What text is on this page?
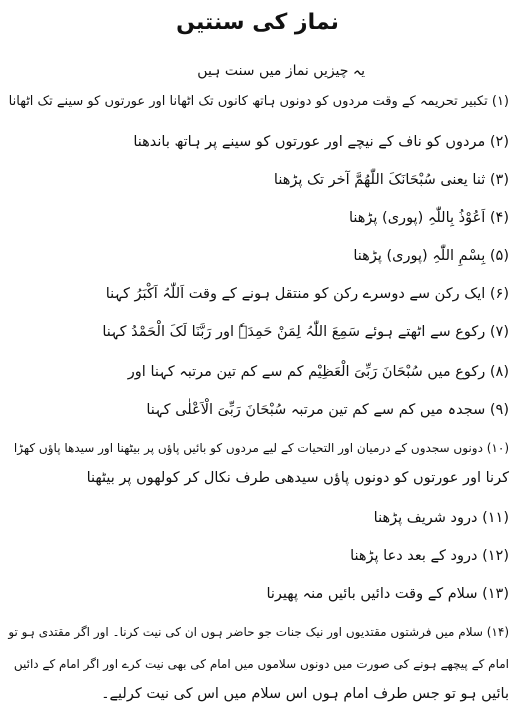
نماز کی سنتیں
یہ چیزیں نماز میں سنت ہیں
(۱) تکبیر تحریمہ کے وقت مردوں کو دونوں ہاتھ کانوں تک اٹھانا اور عورتوں کو سینے تک اٹھانا
(۲) مردوں کو ناف کے نیچے اور عورتوں کو سینے پر ہاتھ باندھنا
(۳) ثنا یعنی سُبْحَانَکَ اللّٰھُمَّ آخر تک پڑھنا
(۴) اَعُوْذُ بِاللّٰہِ (پوری) پڑھنا
(۵) بِسْمِ اللّٰہِ (پوری) پڑھنا
(۶) ایک رکن سے دوسرے رکن کو منتقل ہونے کے وقت اَللّٰہُ اَکْبَرُ کہنا
(۷) رکوع سے اٹھتے ہوئے سَمِعَ اللّٰہُ لِمَنْ حَمِدَہٗ اور رَبَّنَا لَکَ الْحَمْدُ کہنا
(۸) رکوع میں سُبْحَانَ رَبِّیَ الْعَظِیْم کم سے کم تین مرتبہ کہنا اور
(۹) سجدہ میں کم سے کم تین مرتبہ سُبْحَانَ رَبِّیَ الْاَعْلٰی کہنا
(۱۰) دونوں سجدوں کے درمیان اور التحیات کے لیے مردوں کو بائیں پاؤں پر بیٹھنا اور سیدھا پاؤں کھڑا
کرنا اور عورتوں کو دونوں پاؤں سیدھی طرف نکال کر کولھوں پر بیٹھنا
(۱۱) درود شریف پڑھنا
(۱۲) درود کے بعد دعا پڑھنا
(۱۳) سلام کے وقت دائیں بائیں منہ پھیرنا
(۱۴) سلام میں فرشتوں مقتدیوں اور نیک جنات جو حاضر ہوں ان کی نیت کرنا۔ اور اگر مقتدی ہو تو
امام کے پیچھے ہونے کی صورت میں دونوں سلاموں میں امام کی بھی نیت کرے اور اگر امام کے دائیں
بائیں ہو تو جس طرف امام ہوں اس سلام میں اس کی نیت کرلیے۔
